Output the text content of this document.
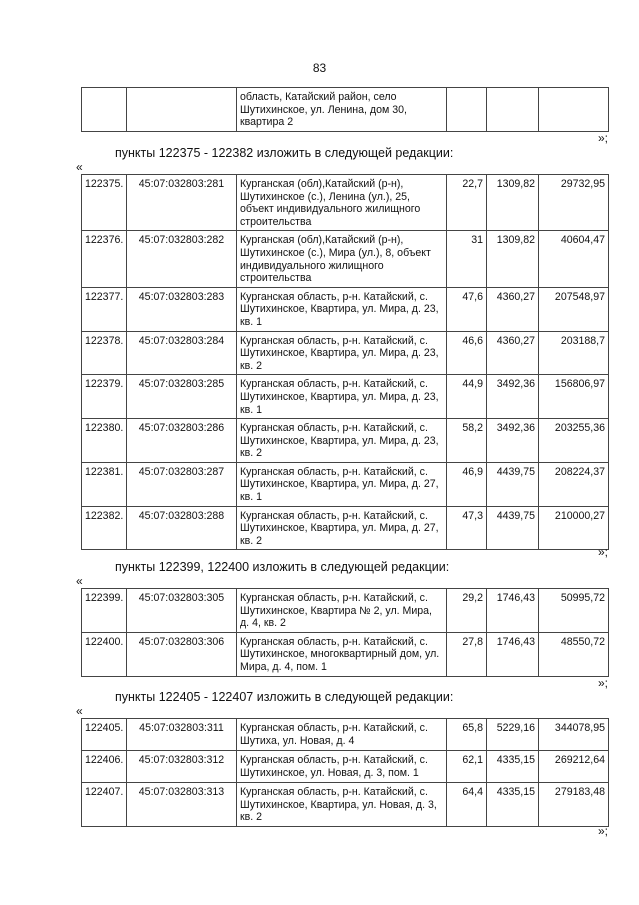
83
		область, Катайский район, село Шутихинское, ул. Ленина, дом 30, квартира 2			
»;
пункты 122375 - 122382 изложить в следующей редакции:
«
122375.	45:07:032803:281	Курганская (обл),Катайский (р-н), Шутихинское (с.), Ленина (ул.), 25, объект индивидуального жилищного строительства	22,7	1309,82	29732,95
122376.	45:07:032803:282	Курганская (обл),Катайский (р-н), Шутихинское (с.), Мира (ул.), 8, объект индивидуального жилищного строительства	31	1309,82	40604,47
122377.	45:07:032803:283	Курганская область, р-н. Катайский, с. Шутихинское, Квартира, ул. Мира, д. 23, кв. 1	47,6	4360,27	207548,97
122378.	45:07:032803:284	Курганская область, р-н. Катайский, с. Шутихинское, Квартира, ул. Мира, д. 23, кв. 2	46,6	4360,27	203188,7
122379.	45:07:032803:285	Курганская область, р-н. Катайский, с. Шутихинское, Квартира, ул. Мира, д. 23, кв. 1	44,9	3492,36	156806,97
122380.	45:07:032803:286	Курганская область, р-н. Катайский, с. Шутихинское, Квартира, ул. Мира, д. 23, кв. 2	58,2	3492,36	203255,36
122381.	45:07:032803:287	Курганская область, р-н. Катайский, с. Шутихинское, Квартира, ул. Мира, д. 27, кв. 1	46,9	4439,75	208224,37
122382.	45:07:032803:288	Курганская область, р-н. Катайский, с. Шутихинское, Квартира, ул. Мира, д. 27, кв. 2	47,3	4439,75	210000,27
»;
пункты 122399, 122400 изложить в следующей редакции:
«
122399.	45:07:032803:305	Курганская область, р-н. Катайский, с. Шутихинское, Квартира № 2, ул. Мира, д. 4, кв. 2	29,2	1746,43	50995,72
122400.	45:07:032803:306	Курганская область, р-н. Катайский, с. Шутихинское, многоквартирный дом, ул. Мира, д. 4, пом. 1	27,8	1746,43	48550,72
»;
пункты 122405 - 122407 изложить в следующей редакции:
«
122405.	45:07:032803:311	Курганская область, р-н. Катайский, с. Шутиха, ул. Новая, д. 4	65,8	5229,16	344078,95
122406.	45:07:032803:312	Курганская область, р-н. Катайский, с. Шутихинское, ул. Новая, д. 3, пом. 1	62,1	4335,15	269212,64
122407.	45:07:032803:313	Курганская область, р-н. Катайский, с. Шутихинское, Квартира, ул. Новая, д. 3, кв. 2	64,4	4335,15	279183,48
»;
